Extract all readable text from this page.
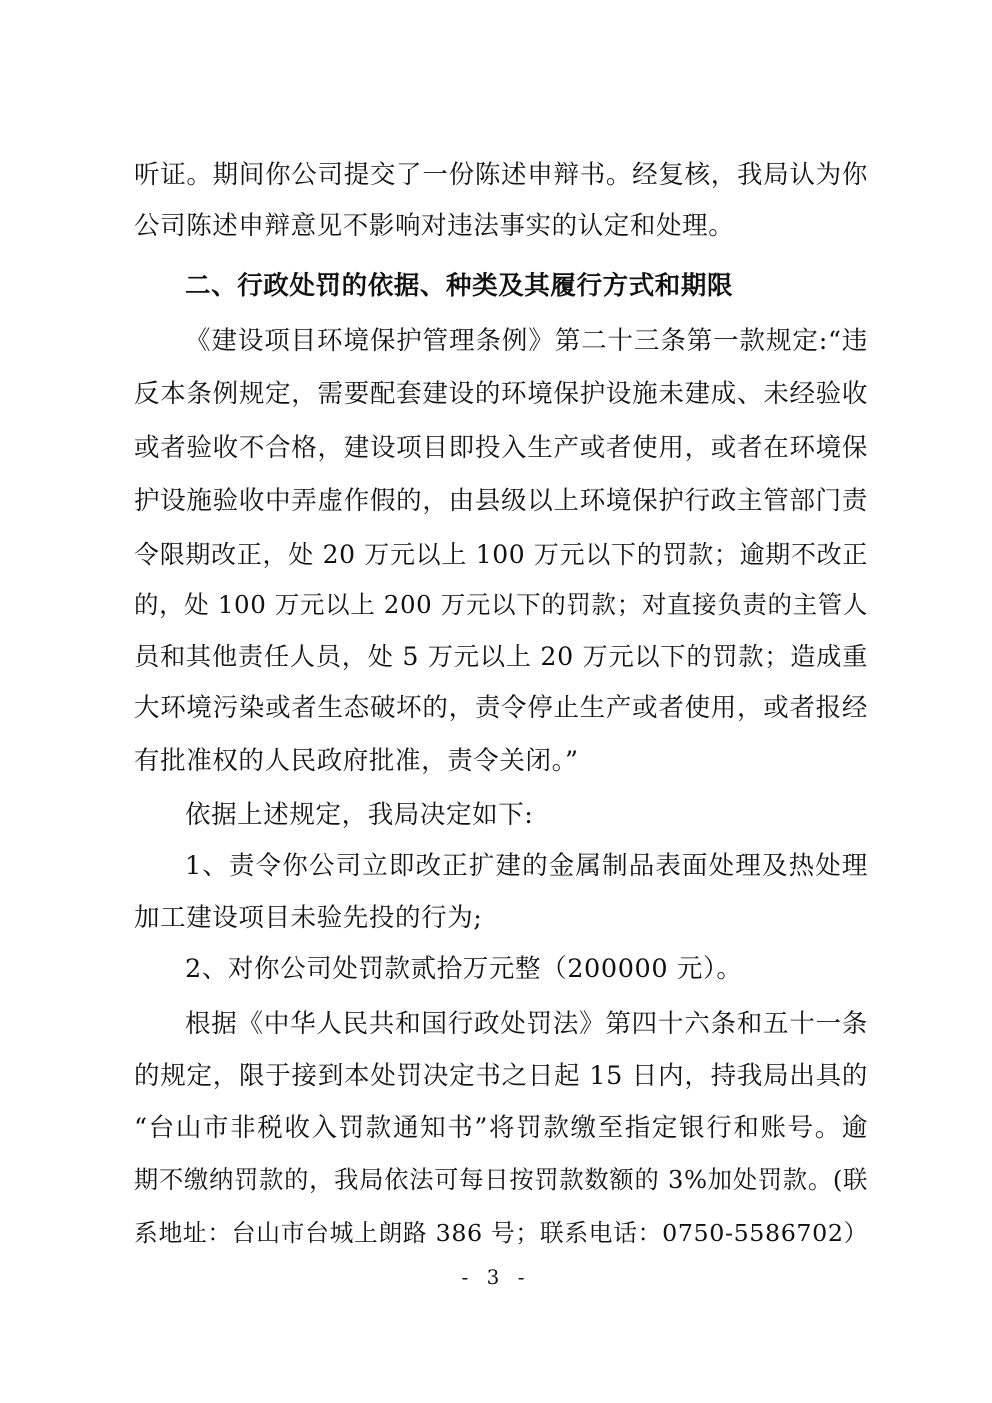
听证。期间你公司提交了一份陈述申辩书。经复核，我局认为你
公司陈述申辩意见不影响对违法事实的认定和处理。
二、行政处罚的依据、种类及其履行方式和期限
《建设项目环境保护管理条例》第二十三条第一款规定:“违
反本条例规定，需要配套建设的环境保护设施未建成、未经验收
或者验收不合格，建设项目即投入生产或者使用，或者在环境保
护设施验收中弄虚作假的，由县级以上环境保护行政主管部门责
令限期改正，处 20 万元以上 100 万元以下的罚款；逾期不改正
的，处 100 万元以上 200 万元以下的罚款；对直接负责的主管人
员和其他责任人员，处 5 万元以上 20 万元以下的罚款；造成重
大环境污染或者生态破坏的，责令停止生产或者使用，或者报经
有批准权的人民政府批准，责令关闭。”
依据上述规定，我局决定如下:
1、责令你公司立即改正扩建的金属制品表面处理及热处理
加工建设项目未验先投的行为;
2、对你公司处罚款贰拾万元整（200000 元）。
根据《中华人民共和国行政处罚法》第四十六条和五十一条
的规定，限于接到本处罚决定书之日起 15 日内，持我局出具的
“台山市非税收入罚款通知书”将罚款缴至指定银行和账号。逾
期不缴纳罚款的，我局依法可每日按罚款数额的 3%加处罚款。(联
系地址：台山市台城上朗路 386 号；联系电话：0750-5586702）
- 3 -
